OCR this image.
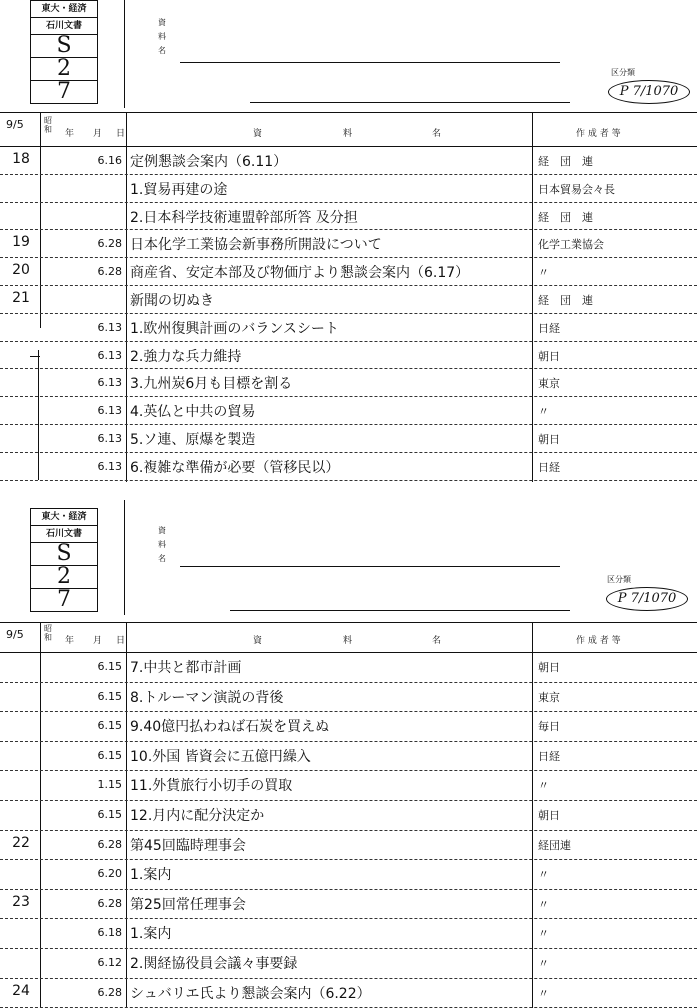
東大・経済
石川文書
S
2
7
資
料
名
区分類
P 7/1070
9/5	昭和 年 月 日	資	料	名	作 成 者 等
18	6.16 定例懇談会案内（6.11）	経　団　連
1.貿易再建の途	日本貿易会々長
2.日本科学技術連盟幹部所答 及分担	経　団　連
19	6.28 日本化学工業協会新事務所開設について	化学工業協会
20	6.28 商産省、安定本部及び物価庁より懇談会案内（6.17）	〃
21	新聞の切ぬき	経　団　連
6.13 1.欧州復興計画のバランスシート	日経
6.13 2.強力な兵力維持	朝日
6.13 3.九州炭6月も目標を割る	東京
6.13 4.英仏と中共の貿易	〃
6.13 5.ソ連、原爆を製造	朝日
6.13 6.複雑な準備が必要（管移民以）	日経
東大・経済
石川文書
S
2
7
資
料
名
区分類
P 7/1070
9/5	昭和 年 月 日	資	料	名	作 成 者 等
6.15 7.中共と都市計画	朝日
6.15 8.トルーマン演説の背後	東京
6.15 9.40億円払わねば石炭を買えぬ	毎日
6.15 10.外国 皆資会に五億円繰入	日経
1.15 11.外貨旅行小切手の買取	〃
6.15 12.月内に配分決定か	朝日
22	6.28 第45回臨時理事会	経団連
6.20 1.案内	〃
23	6.28 第25回常任理事会	〃
6.18 1.案内	〃
6.12 2.関経協役員会議々事要録	〃
24	6.28 シュバリエ氏より懇談会案内（6.22）	〃
